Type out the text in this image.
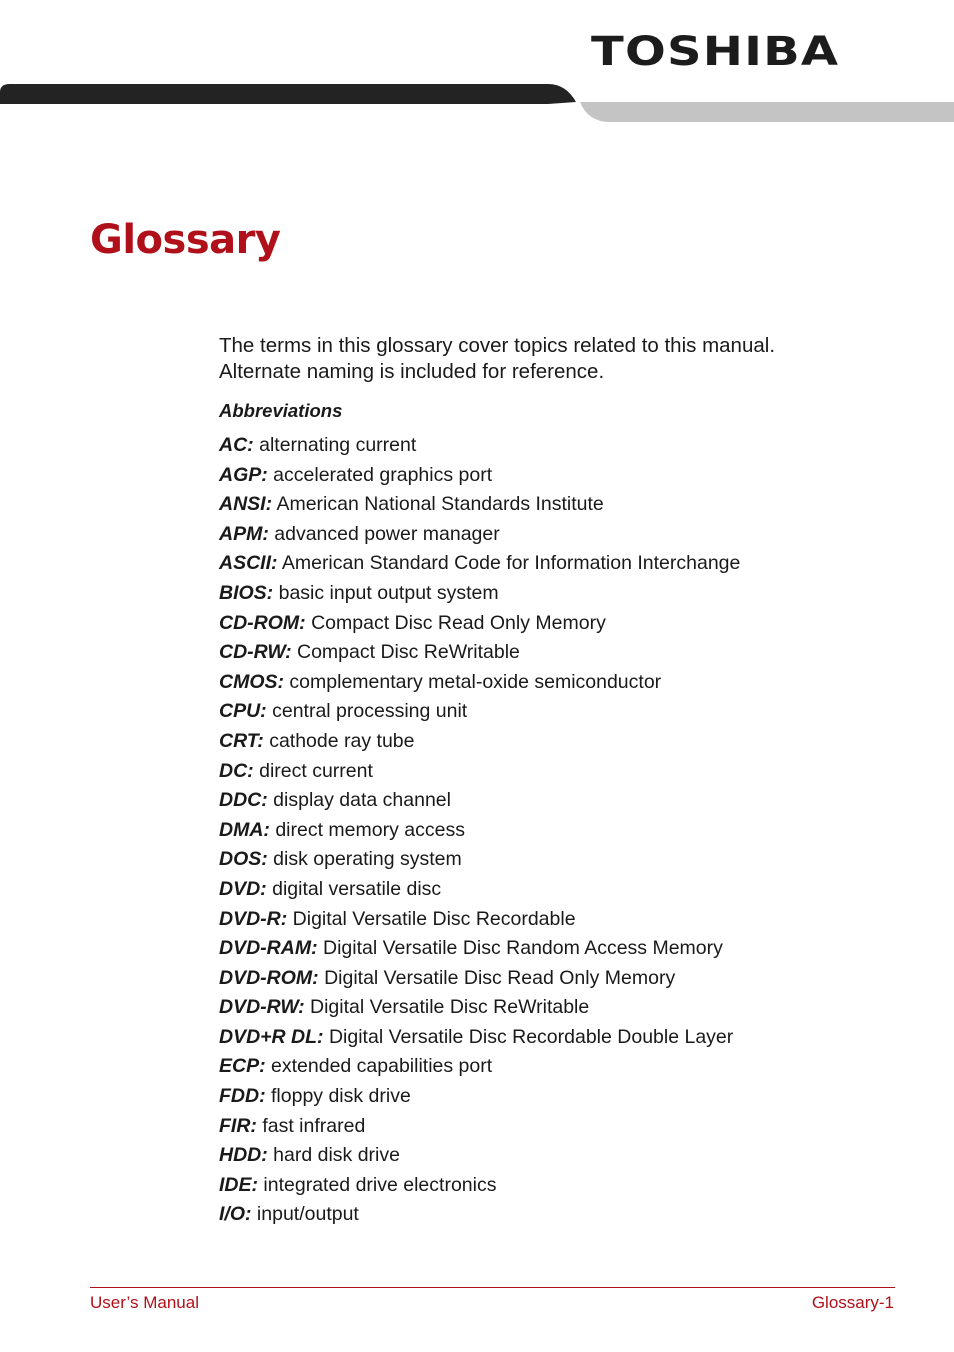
TOSHIBA
Glossary

The terms in this glossary cover topics related to this manual.
Alternate naming is included for reference.

Abbreviations
AC: alternating current
AGP: accelerated graphics port
ANSI: American National Standards Institute
APM: advanced power manager
ASCII: American Standard Code for Information Interchange
BIOS: basic input output system
CD-ROM: Compact Disc Read Only Memory
CD-RW: Compact Disc ReWritable
CMOS: complementary metal-oxide semiconductor
CPU: central processing unit
CRT: cathode ray tube
DC: direct current
DDC: display data channel
DMA: direct memory access
DOS: disk operating system
DVD: digital versatile disc
DVD-R: Digital Versatile Disc Recordable
DVD-RAM: Digital Versatile Disc Random Access Memory
DVD-ROM: Digital Versatile Disc Read Only Memory
DVD-RW: Digital Versatile Disc ReWritable
DVD+R DL: Digital Versatile Disc Recordable Double Layer
ECP: extended capabilities port
FDD: floppy disk drive
FIR: fast infrared
HDD: hard disk drive
IDE: integrated drive electronics
I/O: input/output
User’s Manual	Glossary-1
